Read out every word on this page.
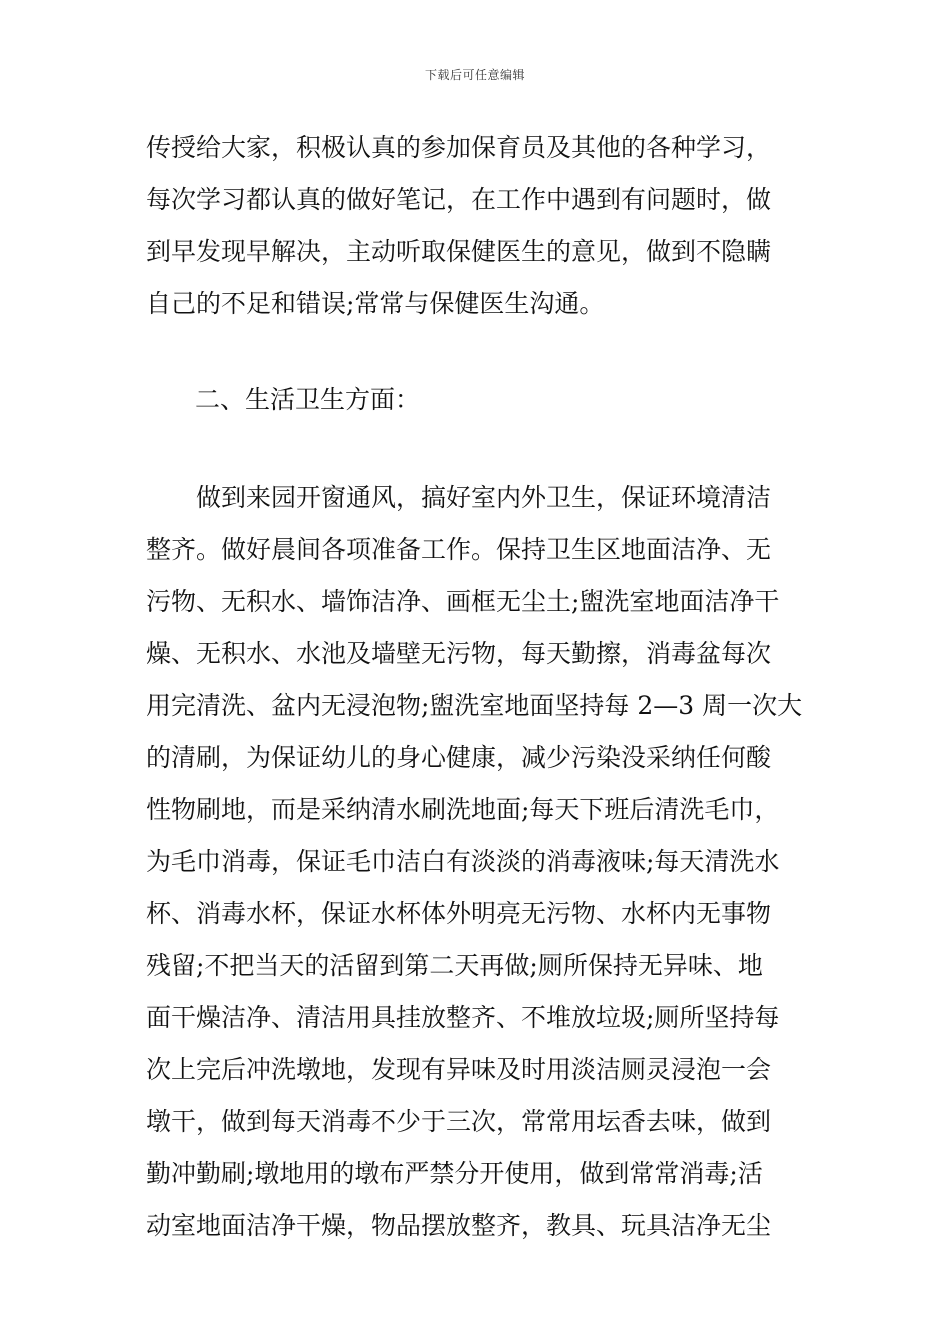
下载后可任意编辑
传授给大家，积极认真的参加保育员及其他的各种学习，
每次学习都认真的做好笔记，在工作中遇到有问题时，做
到早发现早解决，主动听取保健医生的意见，做到不隐瞒
自己的不足和错误;常常与保健医生沟通。
二、生活卫生方面：
　　做到来园开窗通风，搞好室内外卫生，保证环境清洁
整齐。做好晨间各项准备工作。保持卫生区地面洁净、无
污物、无积水、墙饰洁净、画框无尘土;盥洗室地面洁净干
燥、无积水、水池及墙壁无污物，每天勤擦，消毒盆每次
用完清洗、盆内无浸泡物;盥洗室地面坚持每 2—3 周一次大
的清刷，为保证幼儿的身心健康，减少污染没采纳任何酸
性物刷地，而是采纳清水刷洗地面;每天下班后清洗毛巾，
为毛巾消毒，保证毛巾洁白有淡淡的消毒液味;每天清洗水
杯、消毒水杯，保证水杯体外明亮无污物、水杯内无事物
残留;不把当天的活留到第二天再做;厕所保持无异味、地
面干燥洁净、清洁用具挂放整齐、不堆放垃圾;厕所坚持每
次上完后冲洗墩地，发现有异味及时用淡洁厕灵浸泡一会
墩干，做到每天消毒不少于三次，常常用坛香去味，做到
勤冲勤刷;墩地用的墩布严禁分开使用，做到常常消毒;活
动室地面洁净干燥，物品摆放整齐，教具、玩具洁净无尘
